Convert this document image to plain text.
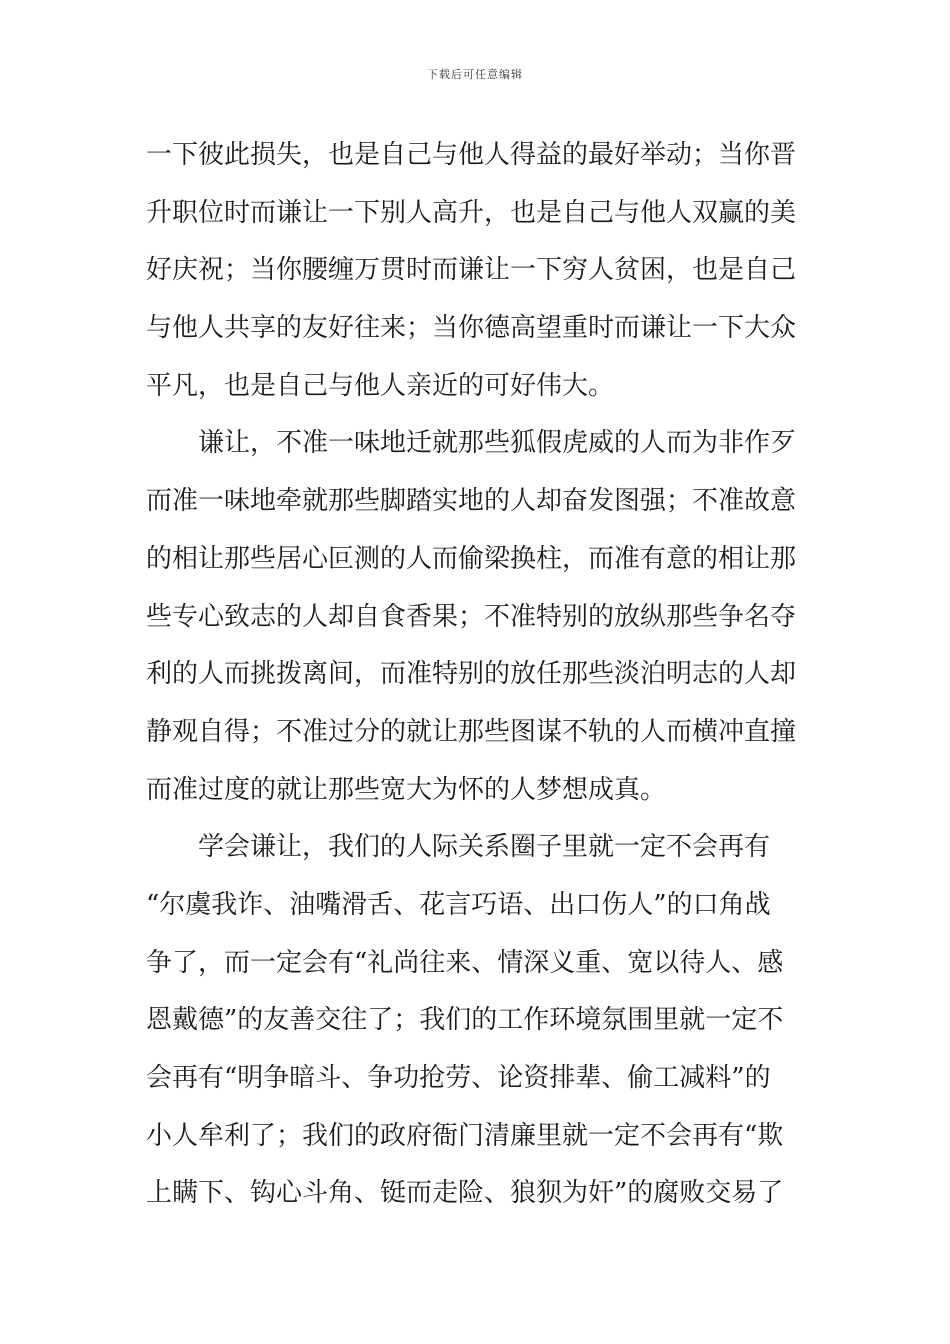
下载后可任意编辑
一下彼此损失，也是自己与他人得益的最好举动；当你晋
升职位时而谦让一下别人高升，也是自己与他人双赢的美
好庆祝；当你腰缠万贯时而谦让一下穷人贫困，也是自己
与他人共享的友好往来；当你德高望重时而谦让一下大众
平凡，也是自己与他人亲近的可好伟大。
谦让，不准一味地迁就那些狐假虎威的人而为非作歹
而准一味地牵就那些脚踏实地的人却奋发图强；不准故意
的相让那些居心叵测的人而偷梁换柱，而准有意的相让那
些专心致志的人却自食香果；不准特别的放纵那些争名夺
利的人而挑拨离间，而准特别的放任那些淡泊明志的人却
静观自得；不准过分的就让那些图谋不轨的人而横冲直撞
而准过度的就让那些宽大为怀的人梦想成真。
学会谦让，我们的人际关系圈子里就一定不会再有
“尔虞我诈、油嘴滑舌、花言巧语、出口伤人”的口角战
争了，而一定会有“礼尚往来、情深义重、宽以待人、感
恩戴德”的友善交往了；我们的工作环境氛围里就一定不
会再有“明争暗斗、争功抢劳、论资排辈、偷工减料”的
小人牟利了；我们的政府衙门清廉里就一定不会再有“欺
上瞒下、钩心斗角、铤而走险、狼狈为奸”的腐败交易了
